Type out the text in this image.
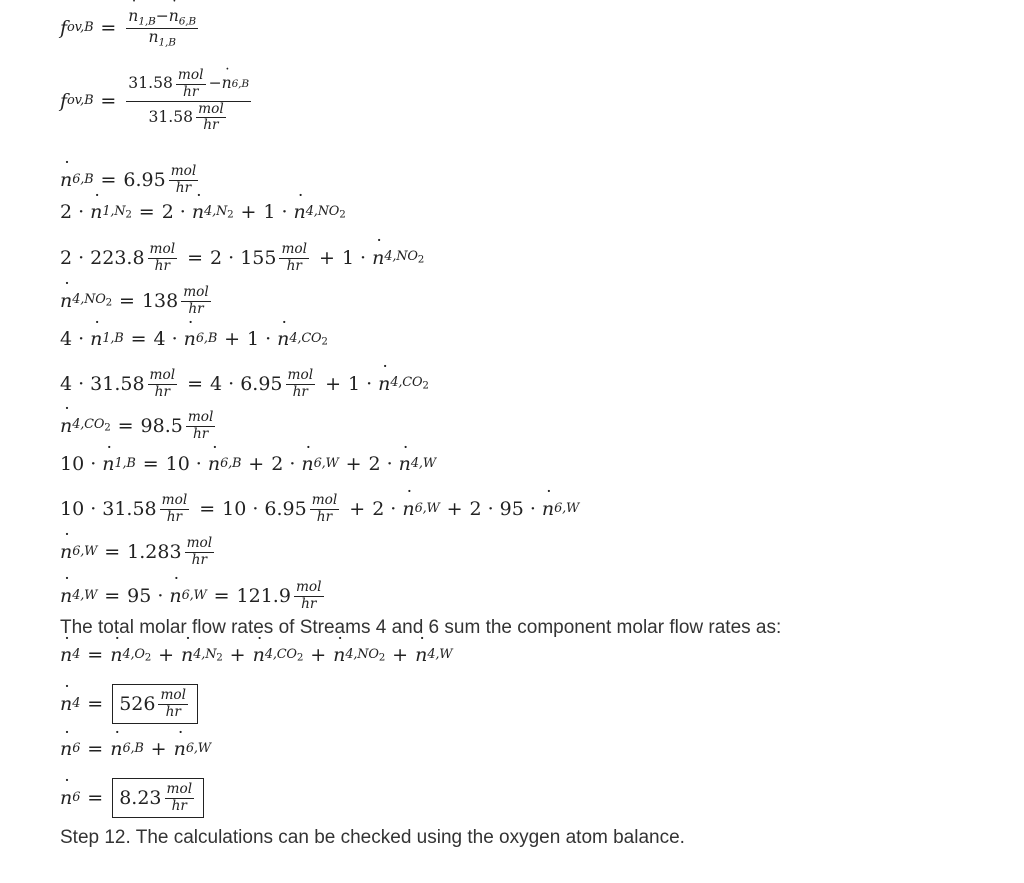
f ov,B =
˙ $n_{1,B}-˙$ $n_{6,B}$
˙ $n_{1,B}$
f $ov,B = 31.58 \frac{\text{mol}}{hr}$ −
˙ n 6,B
$31.58 \frac{\text{mol}}{hr}$
˙ n $6,B = 6.95 \frac{\text{mol}}{hr}$
2 ·
˙ n $1,N_2 = 2$ ·
˙ n $4,N_2 + 1$ ·
˙ n $4,NO_2$
$2 \cdot 223.8 \frac{\text{mol}}{hr} = 2 \cdot 155 \frac{\text{mol}}{hr} + 1$ ·
˙ n $4,NO_2$
˙ n $4,NO_2 = 138 \frac{\text{mol}}{hr}$
4 ·
˙ n 1,B = 4 ·
˙ n 6,B + 1 ·
˙ n $4,CO_2$
$4 \cdot 31.58 \frac{\text{mol}}{hr} = 4 \cdot 6.95 \frac{\text{mol}}{hr} + 1$ ·
˙ n $4,CO_2$
˙ n $4,CO_2 = 98.5 \frac{\text{mol}}{hr}$
10 ·
˙ n 1,B = 10 ·
˙ n 6,B + 2 ·
˙ n 6,W + 2 ·
˙ n 4,W
$10 \cdot 31.58 \frac{\text{mol}}{hr} = 10 \cdot 6.95 \frac{\text{mol}}{hr} + 2$ ·
˙ n 6,W + 2 · 95 ·
˙ n 6,W
˙ n $6,W = 1.283 \frac{\text{mol}}{hr}$
˙ n 4,W = 95 ·
˙ n $6,W = 121.9 \frac{\text{mol}}{hr}$
The total molar flow rates of Streams 4 and 6 sum the component molar flow rates as:
˙ n 4 =
˙ n $4,O_2$ +
˙ n $4,N_2$ +
˙ n $4,CO_2$ +
˙ n $4,NO_2$ +
˙ n 4,W
˙ n $4 = 526 \frac{\text{mol}}{hr}$
˙ n 6 =
˙ n 6,B +
˙ n 6,W
˙ n $6 = 8.23 \frac{\text{mol}}{hr}$
Step 12. The calculations can be checked using the oxygen atom balance.
